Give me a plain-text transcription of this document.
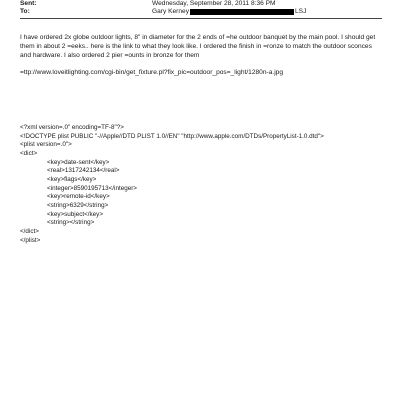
Sent:	Wednesday, September 28, 2011 8:36 PM
To:	Gary Kerney	LSJ
I have ordered 2x globe outdoor lights, 8" in diameter for the 2 ends of =he outdoor banquet by the main pool. I should get them in about 2 =eeks.. here is the link to what they look like. I ordered the finish in =ronze to match the outdoor sconces and hardware. I also ordered 2 pier =ounts in bronze for them
=ttp://www.loveitlighting.com/cgi-bin/get_fixture.pl?fix_pic=outdoor_pos=_light/1280n-a.jpg
<?xml version=.0" encoding=TF-8"?>
<!DOCTYPE plist PUBLIC "-//Apple//DTD PLIST 1.0//EN" "http://www.apple.com/DTDs/PropertyList-1.0.dtd">
<plist version=.0">
<dict>
<key>date-sent</key>
<real>1317242134</real>
<key>flags</key>
<integer>8590195713</integer>
<key>remote-id</key>
<string>6329</string>
<key>subject</key>
<string></string>
</dict>
</plist>
